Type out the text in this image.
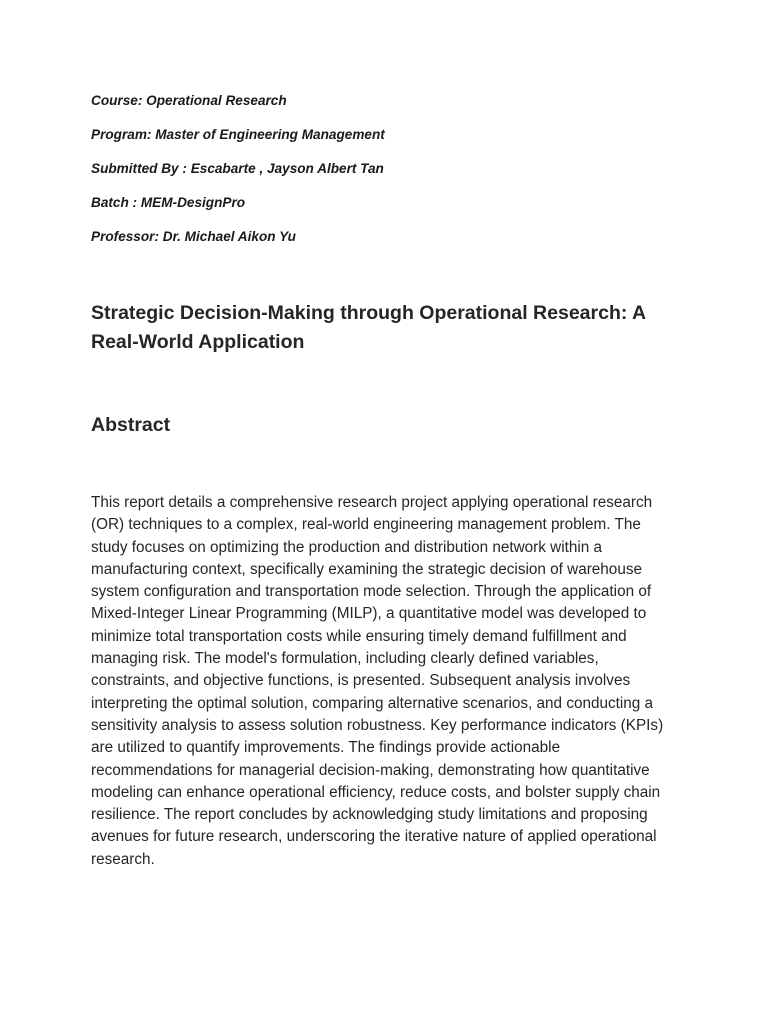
Course: Operational Research
Program: Master of Engineering Management
Submitted By : Escabarte , Jayson Albert Tan
Batch : MEM-DesignPro
Professor: Dr. Michael Aikon Yu
Strategic Decision-Making through Operational Research: A Real-World Application
Abstract

This report details a comprehensive research project applying operational research (OR) techniques to a complex, real-world engineering management problem. The study focuses on optimizing the production and distribution network within a manufacturing context, specifically examining the strategic decision of warehouse system configuration and transportation mode selection. Through the application of Mixed-Integer Linear Programming (MILP), a quantitative model was developed to minimize total transportation costs while ensuring timely demand fulfillment and managing risk. The model's formulation, including clearly defined variables, constraints, and objective functions, is presented. Subsequent analysis involves interpreting the optimal solution, comparing alternative scenarios, and conducting a sensitivity analysis to assess solution robustness. Key performance indicators (KPIs) are utilized to quantify improvements. The findings provide actionable recommendations for managerial decision-making, demonstrating how quantitative modeling can enhance operational efficiency, reduce costs, and bolster supply chain resilience. The report concludes by acknowledging study limitations and proposing avenues for future research, underscoring the iterative nature of applied operational research.
